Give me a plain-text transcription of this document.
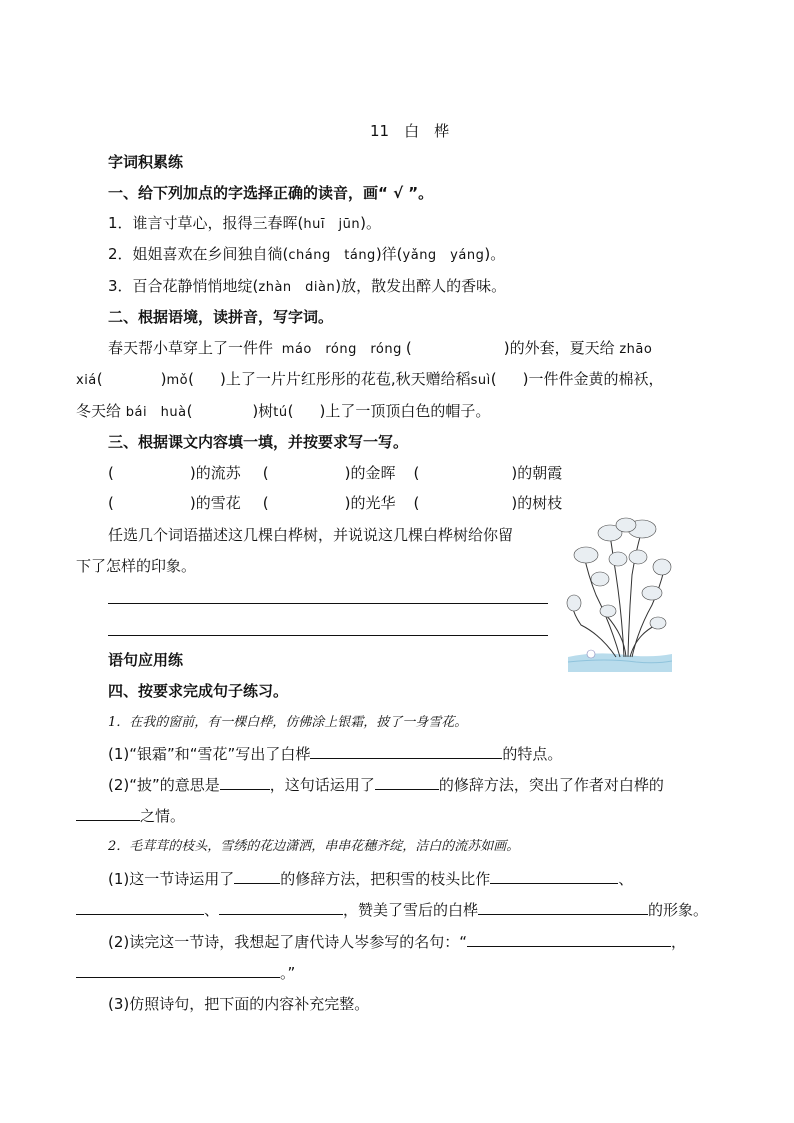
11　白　桦
字词积累练
一、给下列加点的字选择正确的读音，画“ √ ”。
1．谁言寸草心，报得三春晖(huī　jūn)。
2．姐姐喜欢在乡间独自徜(cháng　táng)徉(yǎng　yáng)。
3．百合花静悄悄地绽(zhàn　diàn)放，散发出醉人的香味。
二、根据语境，读拼音，写字词。
春天帮小草穿上了一件件 máo　róng　róng (	)的外套，夏天给 zhāo
xiá(	)mǒ( )上了一片片红彤彤的花苞,秋天赠给稻suì( )一件件金黄的棉袄，
冬天给 bái　huà(	)树tú( )上了一顶顶白色的帽子。
三、根据课文内容填一填，并按要求写一写。
(	)的流苏 (	)的金晖 (	)的朝霞
(	)的雪花 (	)的光华 (	)的树枝
任选几个词语描述这几棵白桦树，并说说这几棵白桦树给你留
下了怎样的印象。
语句应用练
四、按要求完成句子练习。
1．在我的窗前，有一棵白桦，仿佛涂上银霜，披了一身雪花。
(1)“银霜”和“雪花”写出了白桦	的特点。
(2)“披”的意思是	，这句话运用了	的修辞方法，突出了作者对白桦的
之情。
2．毛茸茸的枝头，雪绣的花边潇洒，串串花穗齐绽，洁白的流苏如画。
(1)这一节诗运用了	的修辞方法，把积雪的枝头比作	、
、	，赞美了雪后的白桦	的形象。
(2)读完这一节诗，我想起了唐代诗人岑参写的名句：“	，
。”
(3)仿照诗句，把下面的内容补充完整。
